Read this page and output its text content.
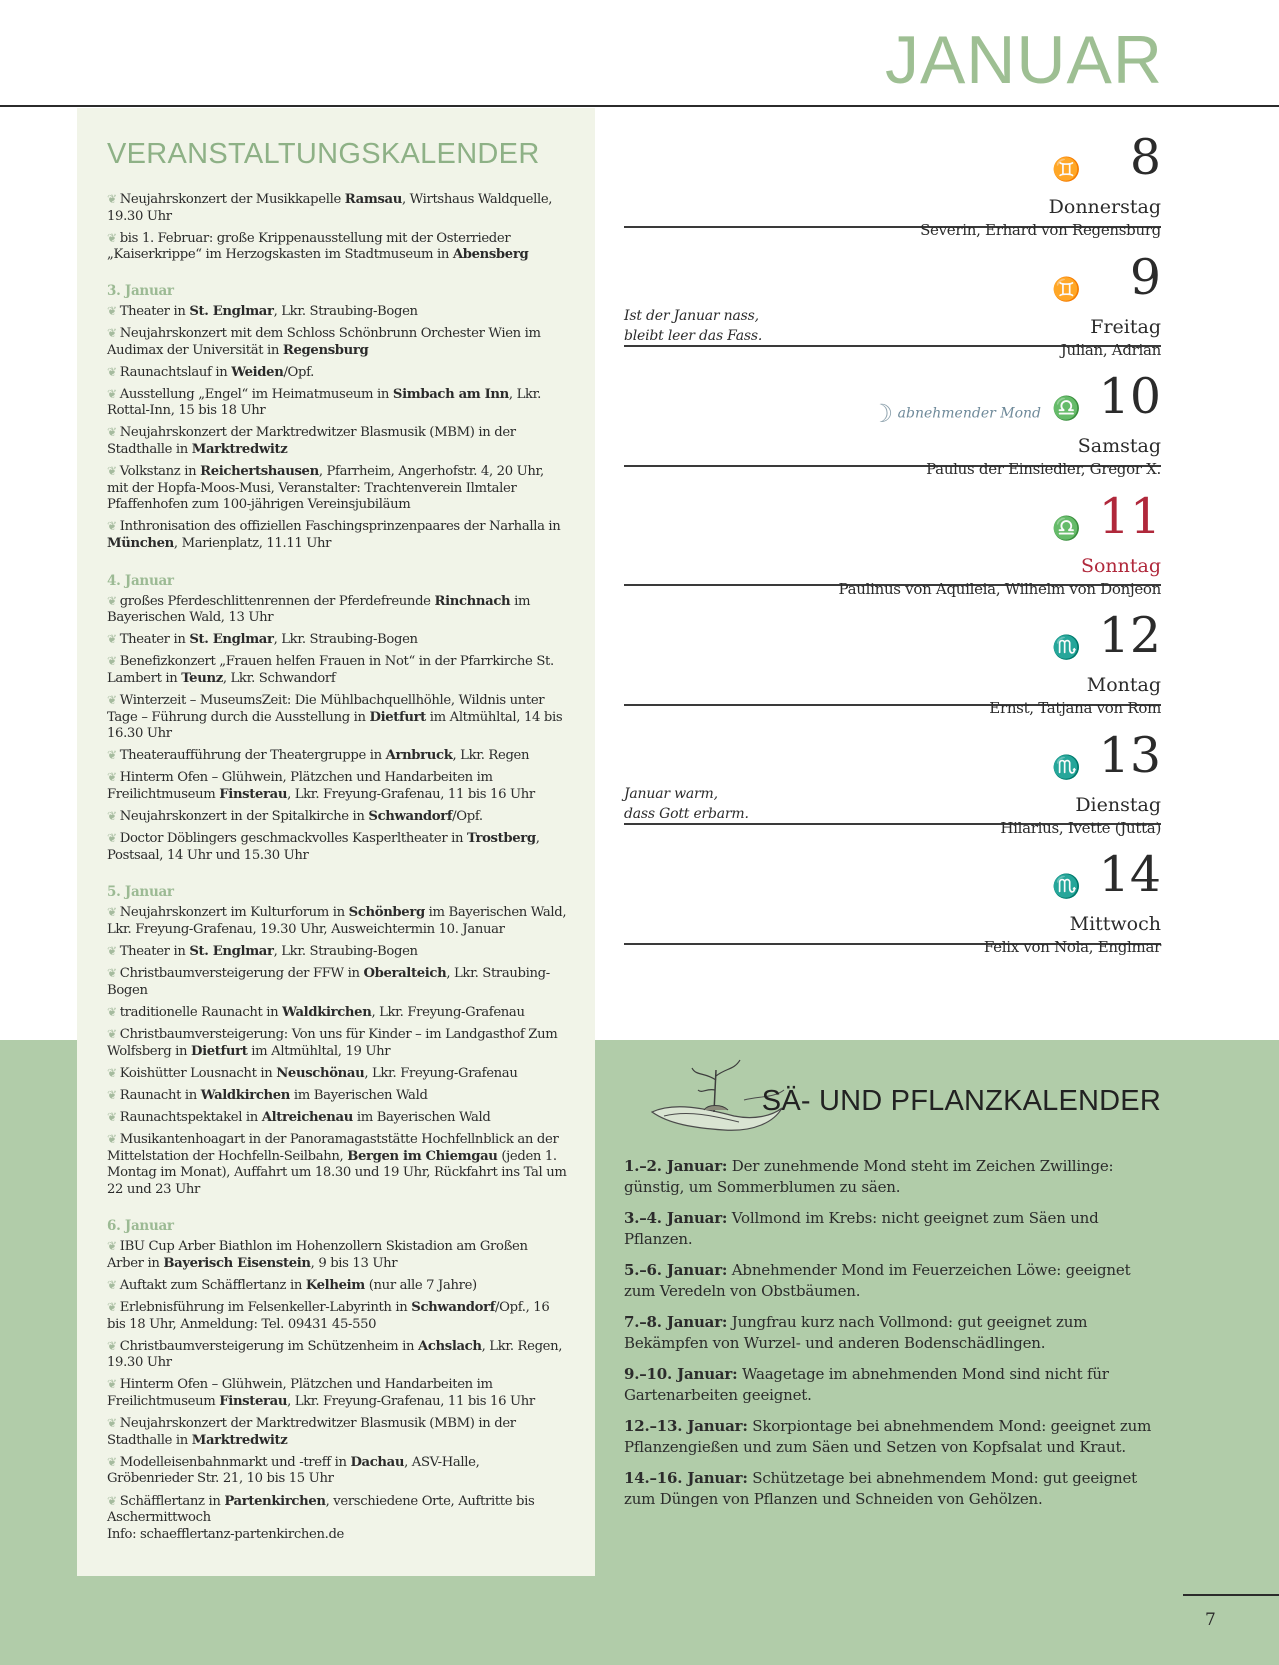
JANUAR
VERANSTALTUNGSKALENDER
❦ Neujahrskonzert der Musikkapelle Ramsau, Wirtshaus Waldquelle, 19.30 Uhr
❦ bis 1. Februar: große Krippenausstellung mit der Osterrieder „Kaiserkrippe“ im Herzogskasten im Stadtmuseum in Abensberg
3. Januar
❦ Theater in St. Englmar, Lkr. Straubing-Bogen
❦ Neujahrskonzert mit dem Schloss Schönbrunn Orchester Wien im Audimax der Universität in Regensburg
❦ Raunachtslauf in Weiden/Opf.
❦ Ausstellung „Engel“ im Heimatmuseum in Simbach am Inn, Lkr. Rottal-Inn, 15 bis 18 Uhr
❦ Neujahrskonzert der Marktredwitzer Blasmusik (MBM) in der Stadthalle in Marktredwitz
❦ Volkstanz in Reichertshausen, Pfarrheim, Angerhofstr. 4, 20 Uhr, mit der Hopfa-Moos-Musi, Veranstalter: Trachtenverein Ilmtaler Pfaffenhofen zum 100-jährigen Vereinsjubiläum
❦ Inthronisation des offiziellen Faschingsprinzenpaares der Narhalla in München, Marienplatz, 11.11 Uhr
4. Januar
❦ großes Pferdeschlittenrennen der Pferdefreunde Rinchnach im Bayerischen Wald, 13 Uhr
❦ Theater in St. Englmar, Lkr. Straubing-Bogen
❦ Benefizkonzert „Frauen helfen Frauen in Not“ in der Pfarrkirche St. Lambert in Teunz, Lkr. Schwandorf
❦ Winterzeit – MuseumsZeit: Die Mühlbachquellhöhle, Wildnis unter Tage – Führung durch die Ausstellung in Dietfurt im Altmühltal, 14 bis 16.30 Uhr
❦ Theateraufführung der Theatergruppe in Arnbruck, Lkr. Regen
❦ Hinterm Ofen – Glühwein, Plätzchen und Handarbeiten im Freilichtmuseum Finsterau, Lkr. Freyung-Grafenau, 11 bis 16 Uhr
❦ Neujahrskonzert in der Spitalkirche in Schwandorf/Opf.
❦ Doctor Döblingers geschmackvolles Kasperltheater in Trostberg, Postsaal, 14 Uhr und 15.30 Uhr
5. Januar
❦ Neujahrskonzert im Kulturforum in Schönberg im Bayerischen Wald, Lkr. Freyung-Grafenau, 19.30 Uhr, Ausweichtermin 10. Januar
❦ Theater in St. Englmar, Lkr. Straubing-Bogen
❦ Christbaumversteigerung der FFW in Oberalteich, Lkr. Straubing-Bogen
❦ traditionelle Raunacht in Waldkirchen, Lkr. Freyung-Grafenau
❦ Christbaumversteigerung: Von uns für Kinder – im Landgasthof Zum Wolfsberg in Dietfurt im Altmühltal, 19 Uhr
❦ Koishütter Lousnacht in Neuschönau, Lkr. Freyung-Grafenau
❦ Raunacht in Waldkirchen im Bayerischen Wald
❦ Raunachtspektakel in Altreichenau im Bayerischen Wald
❦ Musikantenhoagart in der Panoramagaststätte Hochfellnblick an der Mittelstation der Hochfelln-Seilbahn, Bergen im Chiemgau (jeden 1. Montag im Monat), Auffahrt um 18.30 und 19 Uhr, Rückfahrt ins Tal um 22 und 23 Uhr
6. Januar
❦ IBU Cup Arber Biathlon im Hohenzollern Skistadion am Großen Arber in Bayerisch Eisenstein, 9 bis 13 Uhr
❦ Auftakt zum Schäfflertanz in Kelheim (nur alle 7 Jahre)
❦ Erlebnisführung im Felsenkeller-Labyrinth in Schwandorf/Opf., 16 bis 18 Uhr, Anmeldung: Tel. 09431 45-550
❦ Christbaumversteigerung im Schützenheim in Achslach, Lkr. Regen, 19.30 Uhr
❦ Hinterm Ofen – Glühwein, Plätzchen und Handarbeiten im Freilichtmuseum Finsterau, Lkr. Freyung-Grafenau, 11 bis 16 Uhr
❦ Neujahrskonzert der Marktredwitzer Blasmusik (MBM) in der Stadthalle in Marktredwitz
❦ Modelleisenbahnmarkt und -treff in Dachau, ASV-Halle, Gröbenrieder Str. 21, 10 bis 15 Uhr
❦ Schäfflertanz in Partenkirchen, verschiedene Orte, Auftritte bis Aschermittwoch
Info: schaefflertanz-partenkirchen.de
8
♊
Donnerstag
Severin, Erhard von Regensburg
9
♊
Freitag
Julian, Adrian
Ist der Januar nass,
bleibt leer das Fass.
10
♎
Samstag
Paulus der Einsiedler, Gregor X.
☽ abnehmender Mond
11
♎
Sonntag
Paulinus von Aquileia, Wilhelm von Donjeon
12
♏
Montag
Ernst, Tatjana von Rom
13
♏
Dienstag
Hilarius, Ivette (Jutta)
Januar warm,
dass Gott erbarm.
14
♏
Mittwoch
Felix von Nola, Englmar
SÄ- UND PFLANZKALENDER
1.–2. Januar: Der zunehmende Mond steht im Zeichen Zwillinge: günstig, um Sommerblumen zu säen.
3.–4. Januar: Vollmond im Krebs: nicht geeignet zum Säen und Pflanzen.
5.–6. Januar: Abnehmender Mond im Feuerzeichen Löwe: geeignet zum Veredeln von Obstbäumen.
7.–8. Januar: Jungfrau kurz nach Vollmond: gut geeignet zum Bekämpfen von Wurzel- und anderen Bodenschädlingen.
9.–10. Januar: Waagetage im abnehmenden Mond sind nicht für Gartenarbeiten geeignet.
12.–13. Januar: Skorpiontage bei abnehmendem Mond: geeignet zum Pflanzengießen und zum Säen und Setzen von Kopfsalat und Kraut.
14.–16. Januar: Schützetage bei abnehmendem Mond: gut geeignet zum Düngen von Pflanzen und Schneiden von Gehölzen.
7
